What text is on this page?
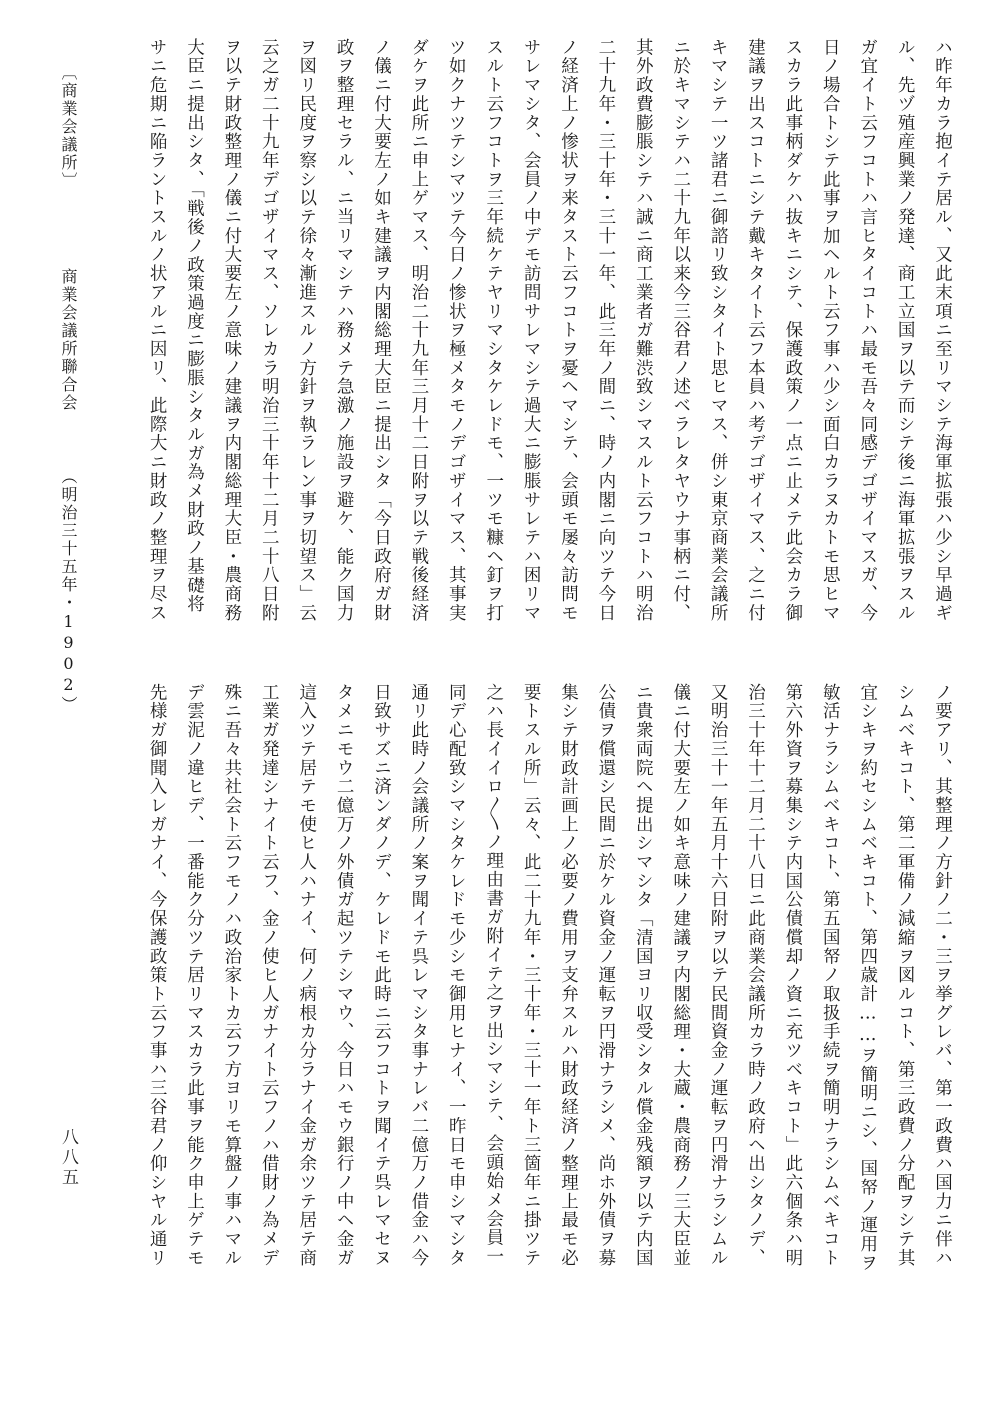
ハ昨年カラ抱イテ居ル、又此末項ニ至リマシテ海軍拡張ハ少シ早過ギ
ル、先ヅ殖産興業ノ発達、商工立国ヲ以テ而シテ後ニ海軍拡張ヲスル
ガ宜イト云フコトハ言ヒタイコトハ最モ吾々同感デゴザイマスガ、今
日ノ場合トシテ此事ヲ加ヘルト云フ事ハ少シ面白カラヌカトモ思ヒマ
スカラ此事柄ダケハ抜キニシテ、保護政策ノ一点ニ止メテ此会カラ御
建議ヲ出スコトニシテ戴キタイト云フ本員ハ考デゴザイマス、之ニ付
キマシテ一ツ諸君ニ御諮リ致シタイト思ヒマス、併シ東京商業会議所
ニ於キマシテハ二十九年以来今三谷君ノ述ベラレタヤウナ事柄ニ付、
其外政費膨脹シテハ誠ニ商工業者ガ難渋致シマスルト云フコトハ明治
二十九年・三十年・三十一年、此三年ノ間ニ、時ノ内閣ニ向ツテ今日
ノ経済上ノ惨状ヲ来タスト云フコトヲ憂ヘマシテ、会頭モ屡々訪問モ
サレマシタ、会員ノ中デモ訪問サレマシテ過大ニ膨脹サレテハ困リマ
スルト云フコトヲ三年続ケテヤリマシタケレドモ、一ツモ糠ヘ釘ヲ打
ツ如クナツテシマツテ今日ノ惨状ヲ極メタモノデゴザイマス、其事実
ダケヲ此所ニ申上ゲマス、明治二十九年三月十二日附ヲ以テ戦後経済
ノ儀ニ付大要左ノ如キ建議ヲ内閣総理大臣ニ提出シタ「今日政府ガ財
政ヲ整理セラル、ニ当リマシテハ務メテ急激ノ施設ヲ避ケ、能ク国力
ヲ図リ民度ヲ察シ以テ徐々漸進スルノ方針ヲ執ラレン事ヲ切望ス」云
云之ガ二十九年デゴザイマス、ソレカラ明治三十年十二月二十八日附
ヲ以テ財政整理ノ儀ニ付大要左ノ意味ノ建議ヲ内閣総理大臣・農商務
大臣ニ提出シタ、「戦後ノ政策過度ニ膨脹シタルガ為メ財政ノ基礎将
サニ危期ニ陥ラントスルノ状アルニ因リ、此際大ニ財政ノ整理ヲ尽ス
ノ要アリ、其整理ノ方針ノ二・三ヲ挙グレバ、第一政費ハ国力ニ伴ハ
シムベキコト、第二軍備ノ減縮ヲ図ルコト、第三政費ノ分配ヲシテ其
宜シキヲ約セシムベキコト、第四歳計……ヲ簡明ニシ、国帑ノ運用ヲ
敏活ナラシムベキコト、第五国帑ノ取扱手続ヲ簡明ナラシムベキコト
第六外資ヲ募集シテ内国公債償却ノ資ニ充ツベキコト」此六個条ハ明
治三十年十二月二十八日ニ此商業会議所カラ時ノ政府ヘ出シタノデ、
又明治三十一年五月十六日附ヲ以テ民間資金ノ運転ヲ円滑ナラシムル
儀ニ付大要左ノ如キ意味ノ建議ヲ内閣総理・大蔵・農商務ノ三大臣並
ニ貴衆両院ヘ提出シマシタ「清国ヨリ収受シタル償金残額ヲ以テ内国
公債ヲ償還シ民間ニ於ケル資金ノ運転ヲ円滑ナラシメ、尚ホ外債ヲ募
集シテ財政計画上ノ必要ノ費用ヲ支弁スルハ財政経済ノ整理上最モ必
要トスル所」云々、此二十九年・三十年・三十一年ト三箇年ニ掛ツテ
之ハ長イイロ〳〵ノ理由書ガ附イテ之ヲ出シマシテ、会頭始メ会員一
同デ心配致シマシタケレドモ少シモ御用ヒナイ、一昨日モ申シマシタ
通リ此時ノ会議所ノ案ヲ聞イテ呉レマシタ事ナレバ二億万ノ借金ハ今
日致サズニ済ンダノデ、ケレドモ此時ニ云フコトヲ聞イテ呉レマセヌ
タメニモウ二億万ノ外債ガ起ツテシマウ、今日ハモウ銀行ノ中ヘ金ガ
這入ツテ居テモ使ヒ人ハナイ、何ノ病根カ分ラナイ金ガ余ツテ居テ商
工業ガ発達シナイト云フ、金ノ使ヒ人ガナイト云フノハ借財ノ為メデ
殊ニ吾々共社会ト云フモノハ政治家トカ云フ方ヨリモ算盤ノ事ハマル
デ雲泥ノ違ヒデ、一番能ク分ツテ居リマスカラ此事ヲ能ク申上ゲテモ
先様ガ御聞入レガナイ、今保護政策ト云フ事ハ三谷君ノ仰シヤル通リ
〔商業会議所〕  商業会議所聯合会  （明治三十五年・1902）
八八五
